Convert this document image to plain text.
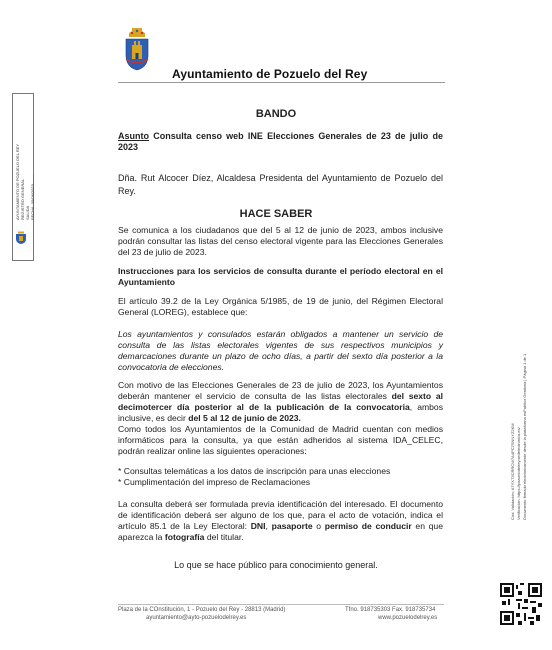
Ayuntamiento de Pozuelo del Rey
BANDO
Asunto Consulta censo web INE Elecciones Generales de 23 de julio de 2023
Dña. Rut Alcocer Díez, Alcaldesa Presidenta del Ayuntamiento de Pozuelo del Rey.
HACE SABER
Se comunica a los ciudadanos que del 5 al 12 de junio de 2023, ambos inclusive podrán consultar las listas del censo electoral vigente para las Elecciones Generales del 23 de julio de 2023.
Instrucciones para los servicios de consulta durante el período electoral en el Ayuntamiento
El artículo 39.2 de la Ley Orgánica 5/1985, de 19 de junio, del Régimen Electoral General (LOREG), establece que:
Los ayuntamientos y consulados estarán obligados a mantener un servicio de consulta de las listas electorales vigentes de sus respectivos municipios y demarcaciones durante un plazo de ocho días, a partir del sexto día posterior a la convocatoria de elecciones.
Con motivo de las Elecciones Generales de 23 de julio de 2023, los Ayuntamientos deberán mantener el servicio de consulta de las listas electorales del sexto al decimotercer día posterior al de la publicación de la convocatoria, ambos inclusive, es decir del 5 al 12 de junio de 2023.
Como todos los Ayuntamientos de la Comunidad de Madrid cuentan con medios informáticos para la consulta, ya que están adheridos al sistema IDA_CELEC, podrán realizar online las siguientes operaciones:
* Consultas telemáticas a los datos de inscripción para unas elecciones
* Cumplimentación del impreso de Reclamaciones
La consulta deberá ser formulada previa identificación del interesado. El documento de identificación deberá ser alguno de los que, para el acto de votación, indica el artículo 85.1 de la Ley Electoral: DNI, pasaporte o permiso de conducir en que aparezca la fotografía del titular.
Lo que se hace público para conocimiento general.
Plaza de la COnstitución, 1 - Pozuelo del Rey - 28813 (Madrid)
ayuntamiento@ayto-pozuelodelrey.es
Tfno. 918735303 Fax. 918735734
www.pozuelodelrey.es
AYUNTAMIENTO DE POZUELO DEL REY REGISTRO GENERAL SALIDA FECHA: 05/06/2023 ........
Cód. Validación: A7YXT3CRRCW7A4PC7SNNYZ2KM Verificación: https://pozuelodelrey.sedelectronica.es/ Documento firmado electrónicamente desde la plataforma esPublico Gestiona | Página 1 de 1
